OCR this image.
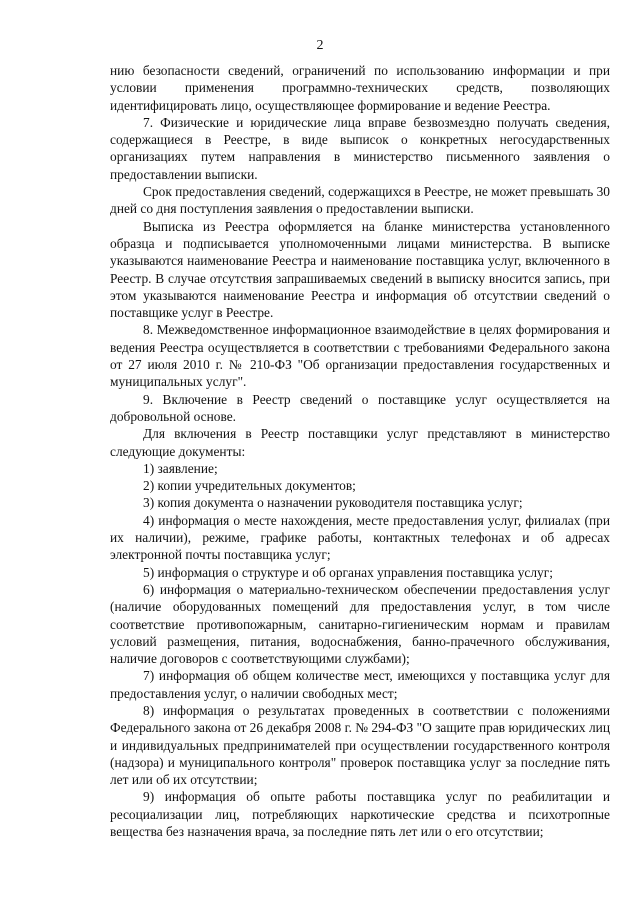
2

нию безопасности сведений, ограничений по использованию информации и при условии применения программно-технических средств, позволяющих идентифицировать лицо, осуществляющее формирование и ведение Реестра.

7. Физические и юридические лица вправе безвозмездно получать сведения, содержащиеся в Реестре, в виде выписок о конкретных негосударственных организациях путем направления в министерство письменного заявления о предоставлении выписки.

Срок предоставления сведений, содержащихся в Реестре, не может превышать 30 дней со дня поступления заявления о предоставлении выписки.

Выписка из Реестра оформляется на бланке министерства установленного образца и подписывается уполномоченными лицами министерства. В выписке указываются наименование Реестра и наименование поставщика услуг, включенного в Реестр. В случае отсутствия запрашиваемых сведений в выписку вносится запись, при этом указываются наименование Реестра и информация об отсутствии сведений о поставщике услуг в Реестре.

8. Межведомственное информационное взаимодействие в целях формирования и ведения Реестра осуществляется в соответствии с требованиями Федерального закона от 27 июля 2010 г. № 210-ФЗ "Об организации предоставления государственных и муниципальных услуг".

9. Включение в Реестр сведений о поставщике услуг осуществляется на добровольной основе.

Для включения в Реестр поставщики услуг представляют в министерство следующие документы:

1) заявление;

2) копии учредительных документов;

3) копия документа о назначении руководителя поставщика услуг;

4) информация о месте нахождения, месте предоставления услуг, филиалах (при их наличии), режиме, графике работы, контактных телефонах и об адресах электронной почты поставщика услуг;

5) информация о структуре и об органах управления поставщика услуг;

6) информация о материально-техническом обеспечении предоставления услуг (наличие оборудованных помещений для предоставления услуг, в том числе соответствие противопожарным, санитарно-гигиеническим нормам и правилам условий размещения, питания, водоснабжения, банно-прачечного обслуживания, наличие договоров с соответствующими службами);

7) информация об общем количестве мест, имеющихся у поставщика услуг для предоставления услуг, о наличии свободных мест;

8) информация о результатах проведенных в соответствии с положениями Федерального закона от 26 декабря 2008 г. № 294-ФЗ "О защите прав юридических лиц и индивидуальных предпринимателей при осуществлении государственного контроля (надзора) и муниципального контроля" проверок поставщика услуг за последние пять лет или об их отсутствии;

9) информация об опыте работы поставщика услуг по реабилитации и ресоциализации лиц, потребляющих наркотические средства и психотропные вещества без назначения врача, за последние пять лет или о его отсутствии;
